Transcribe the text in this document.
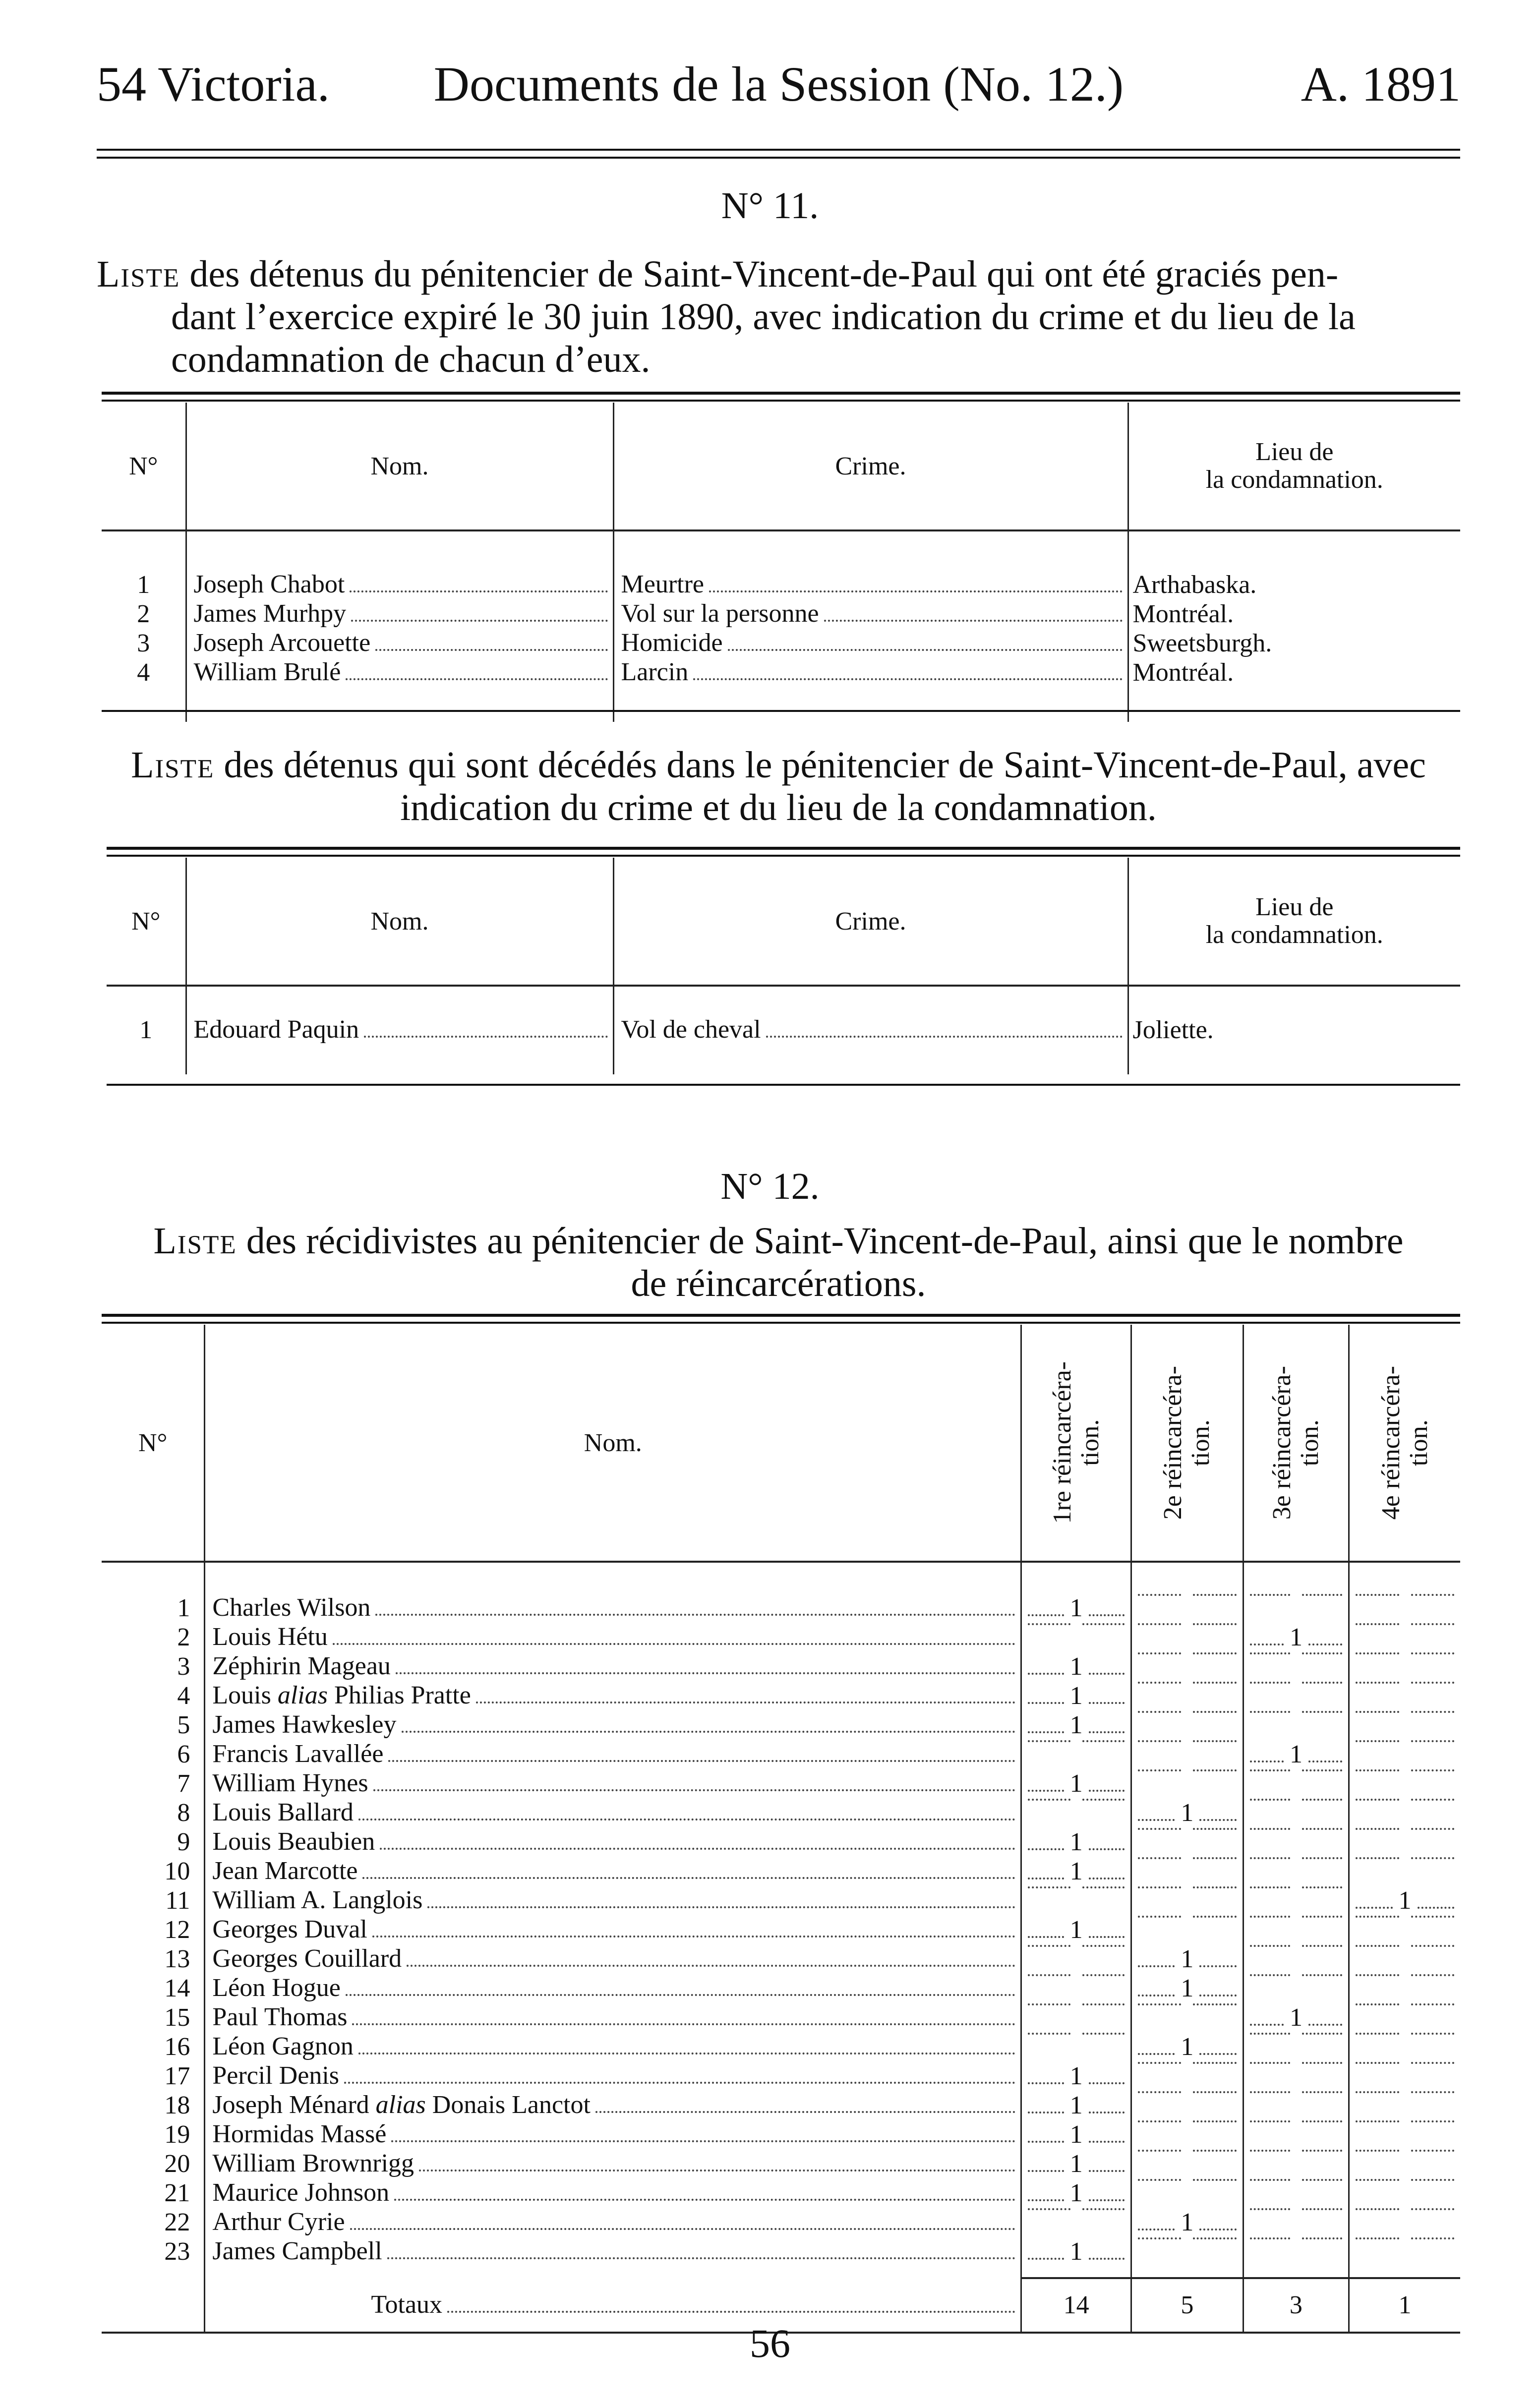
54 Victoria.	Documents de la Session (No. 12.)	A. 1891
N° 11.
Liste des détenus du pénitencier de Saint-Vincent-de-Paul qui ont été graciés pen-
dant l’exercice expiré le 30 juin 1890, avec indication du crime et du lieu de la
condamnation de chacun d’eux.
N°	Nom.	Crime.	Lieu de
la condamnation.

1	Joseph Chabot	Meurtre	Arthabaska.
2	James Murhpy	Vol sur la personne	Montréal.
3	Joseph Arcouette	Homicide	Sweetsburgh.
4	William Brulé	Larcin	Montréal.

Liste des détenus qui sont décédés dans le pénitencier de Saint-Vincent-de-Paul, avec
indication du crime et du lieu de la condamnation.
N°	Nom.	Crime.	Lieu de
la condamnation.

1	Edouard Paquin	Vol de cheval	Joliette.

N° 12.
Liste des récidivistes au pénitencier de Saint-Vincent-de-Paul, ainsi que le nombre
de réincarcérations.
N°	Nom.	1re réincarcéra- tion.	2e réincarcéra- tion.	3e réincarcéra- tion.	4e réincarcéra- tion.

1	Charles Wilson	1			

2	Louis Hétu			1	

3	Zéphirin Mageau	1			

4	Louis alias Philias Pratte	1			

5	James Hawkesley	1			

6	Francis Lavallée			1	

7	William Hynes	1			

8	Louis Ballard		1		

9	Louis Beaubien	1			

10	Jean Marcotte	1			

11	William A. Langlois				1

12	Georges Duval	1			

13	Georges Couillard		1		

14	Léon Hogue		1		

15	Paul Thomas			1	

16	Léon Gagnon		1		

17	Percil Denis	1			

18	Joseph Ménard alias Donais Lanctot	1			

19	Hormidas Massé	1			

20	William Brownrigg	1			

21	Maurice Johnson	1			

22	Arthur Cyrie		1		

23	James Campbell	1			

	Totaux	14	5	3	1

56
